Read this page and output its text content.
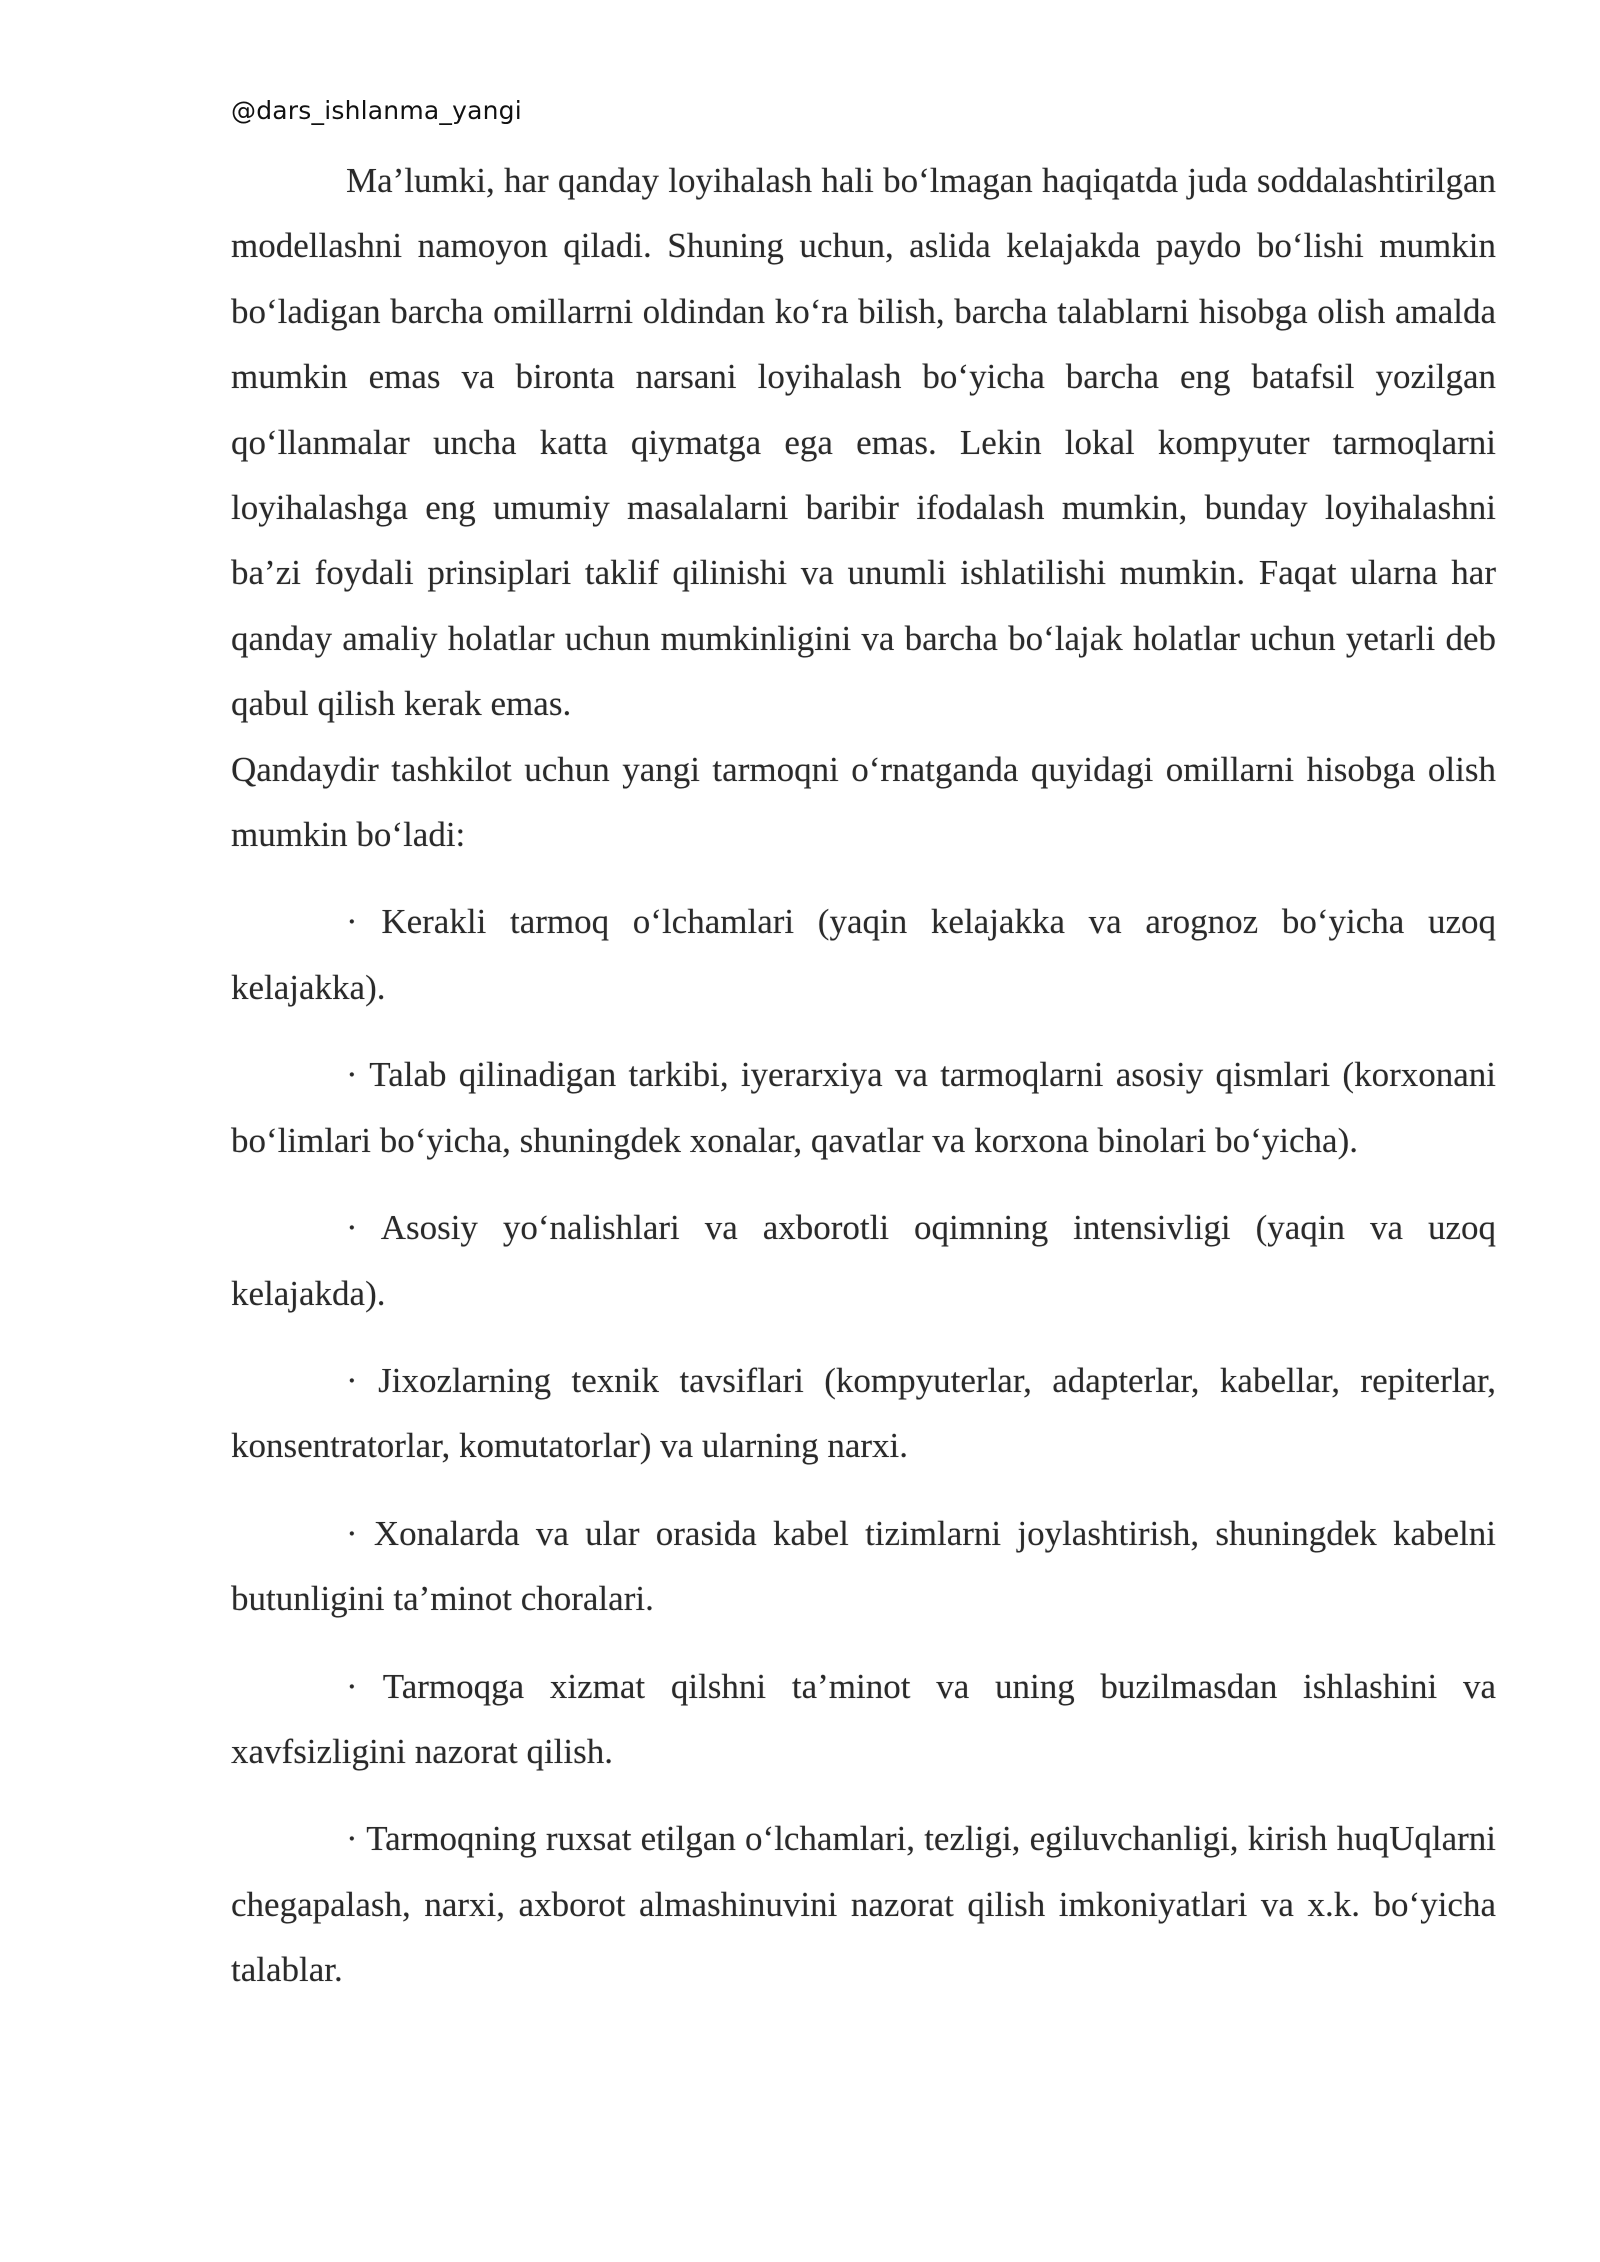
@dars_ishlanma_yangi

Ma’lumki, har qanday loyihalash hali bo‘lmagan haqiqatda juda soddalashtirilgan modellashni namoyon qiladi. Shuning uchun, aslida kelajakda paydo bo‘lishi mumkin bo‘ladigan barcha omillarrni oldindan ko‘ra bilish, barcha talablarni hisobga olish amalda mumkin emas va bironta narsani loyihalash bo‘yicha barcha eng batafsil yozilgan qo‘llanmalar uncha katta qiymatga ega emas. Lekin lokal kompyuter tarmoqlarni loyihalashga eng umumiy masalalarni baribir ifodalash mumkin, bunday loyihalashni ba’zi foydali prinsiplari taklif qilinishi va unumli ishlatilishi mumkin. Faqat ularna har qanday amaliy holatlar uchun mumkinligini va barcha bo‘lajak holatlar uchun yetarli deb qabul qilish kerak emas.

Qandaydir tashkilot uchun yangi tarmoqni o‘rnatganda quyidagi omillarni hisobga olish mumkin bo‘ladi:

· Kerakli tarmoq o‘lchamlari (yaqin kelajakka va arognoz bo‘yicha uzoq kelajakka).
· Talab qilinadigan tarkibi, iyerarxiya va tarmoqlarni asosiy qismlari (korxonani bo‘limlari bo‘yicha, shuningdek xonalar, qavatlar va korxona binolari bo‘yicha).
· Asosiy yo‘nalishlari va axborotli oqimning intensivligi (yaqin va uzoq kelajakda).
· Jixozlarning texnik tavsiflari (kompyuterlar, adapterlar, kabellar, repiterlar, konsentratorlar, komutatorlar) va ularning narxi.
· Xonalarda va ular orasida kabel tizimlarni joylashtirish, shuningdek kabelni butunligini ta’minot choralari.
· Tarmoqga xizmat qilshni ta’minot va uning buzilmasdan ishlashini va xavfsizligini nazorat qilish.
· Tarmoqning ruxsat etilgan o‘lchamlari, tezligi, egiluvchanligi, kirish huqUqlarni chegapalash, narxi, axborot almashinuvini nazorat qilish imkoniyatlari va x.k. bo‘yicha talablar.
